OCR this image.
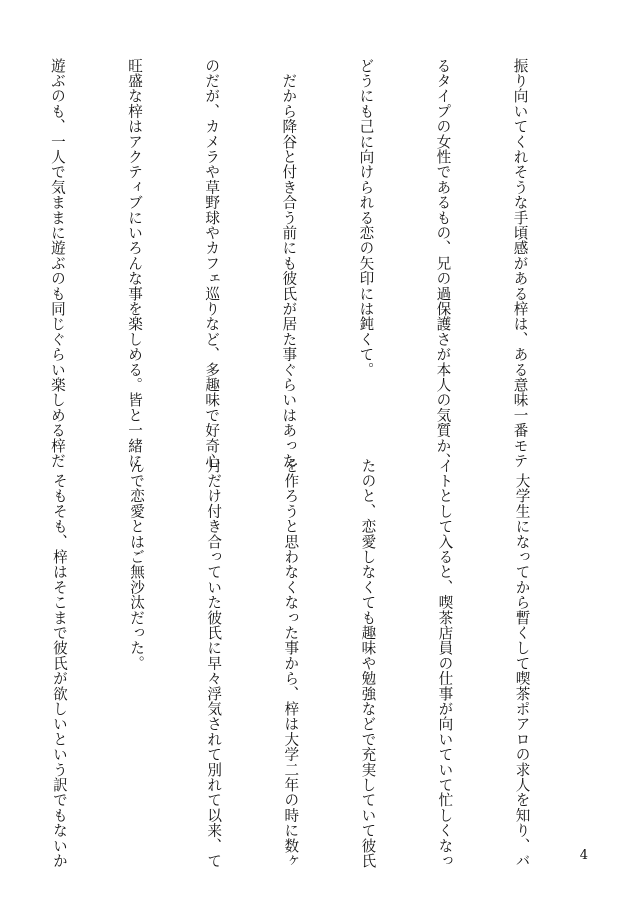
振り向いてくれそうな手頃感がある梓は、ある意味一番モテ

るタイプの女性であるもの、兄の過保護さが本人の気質か、

どうにも己に向けられる恋の矢印には鈍くて。

　だから降谷と付き合う前にも彼氏が居た事ぐらいはあった

のだが、カメラや草野球やカフェ巡りなど、多趣味で好奇心

旺盛な梓はアクティブにいろんな事を楽しめる。皆と一緒に

遊ぶのも、一人で気ままに遊ぶのも同じぐらい楽しめる梓だ

　大学生になってから暫くして喫茶ポアロの求人を知り、バ

イトとして入ると、喫茶店員の仕事が向いていて忙しくなっ

たのと、恋愛しなくても趣味や勉強などで充実していて彼氏

を作ろうと思わなくなった事から、梓は大学二年の時に数ヶ

月だけ付き合っていた彼氏に早々浮気されて別れて以来、て

んで恋愛とはご無沙汰だった。

　そもそも、梓はそこまで彼氏が欲しいという訳でもないか

	4
